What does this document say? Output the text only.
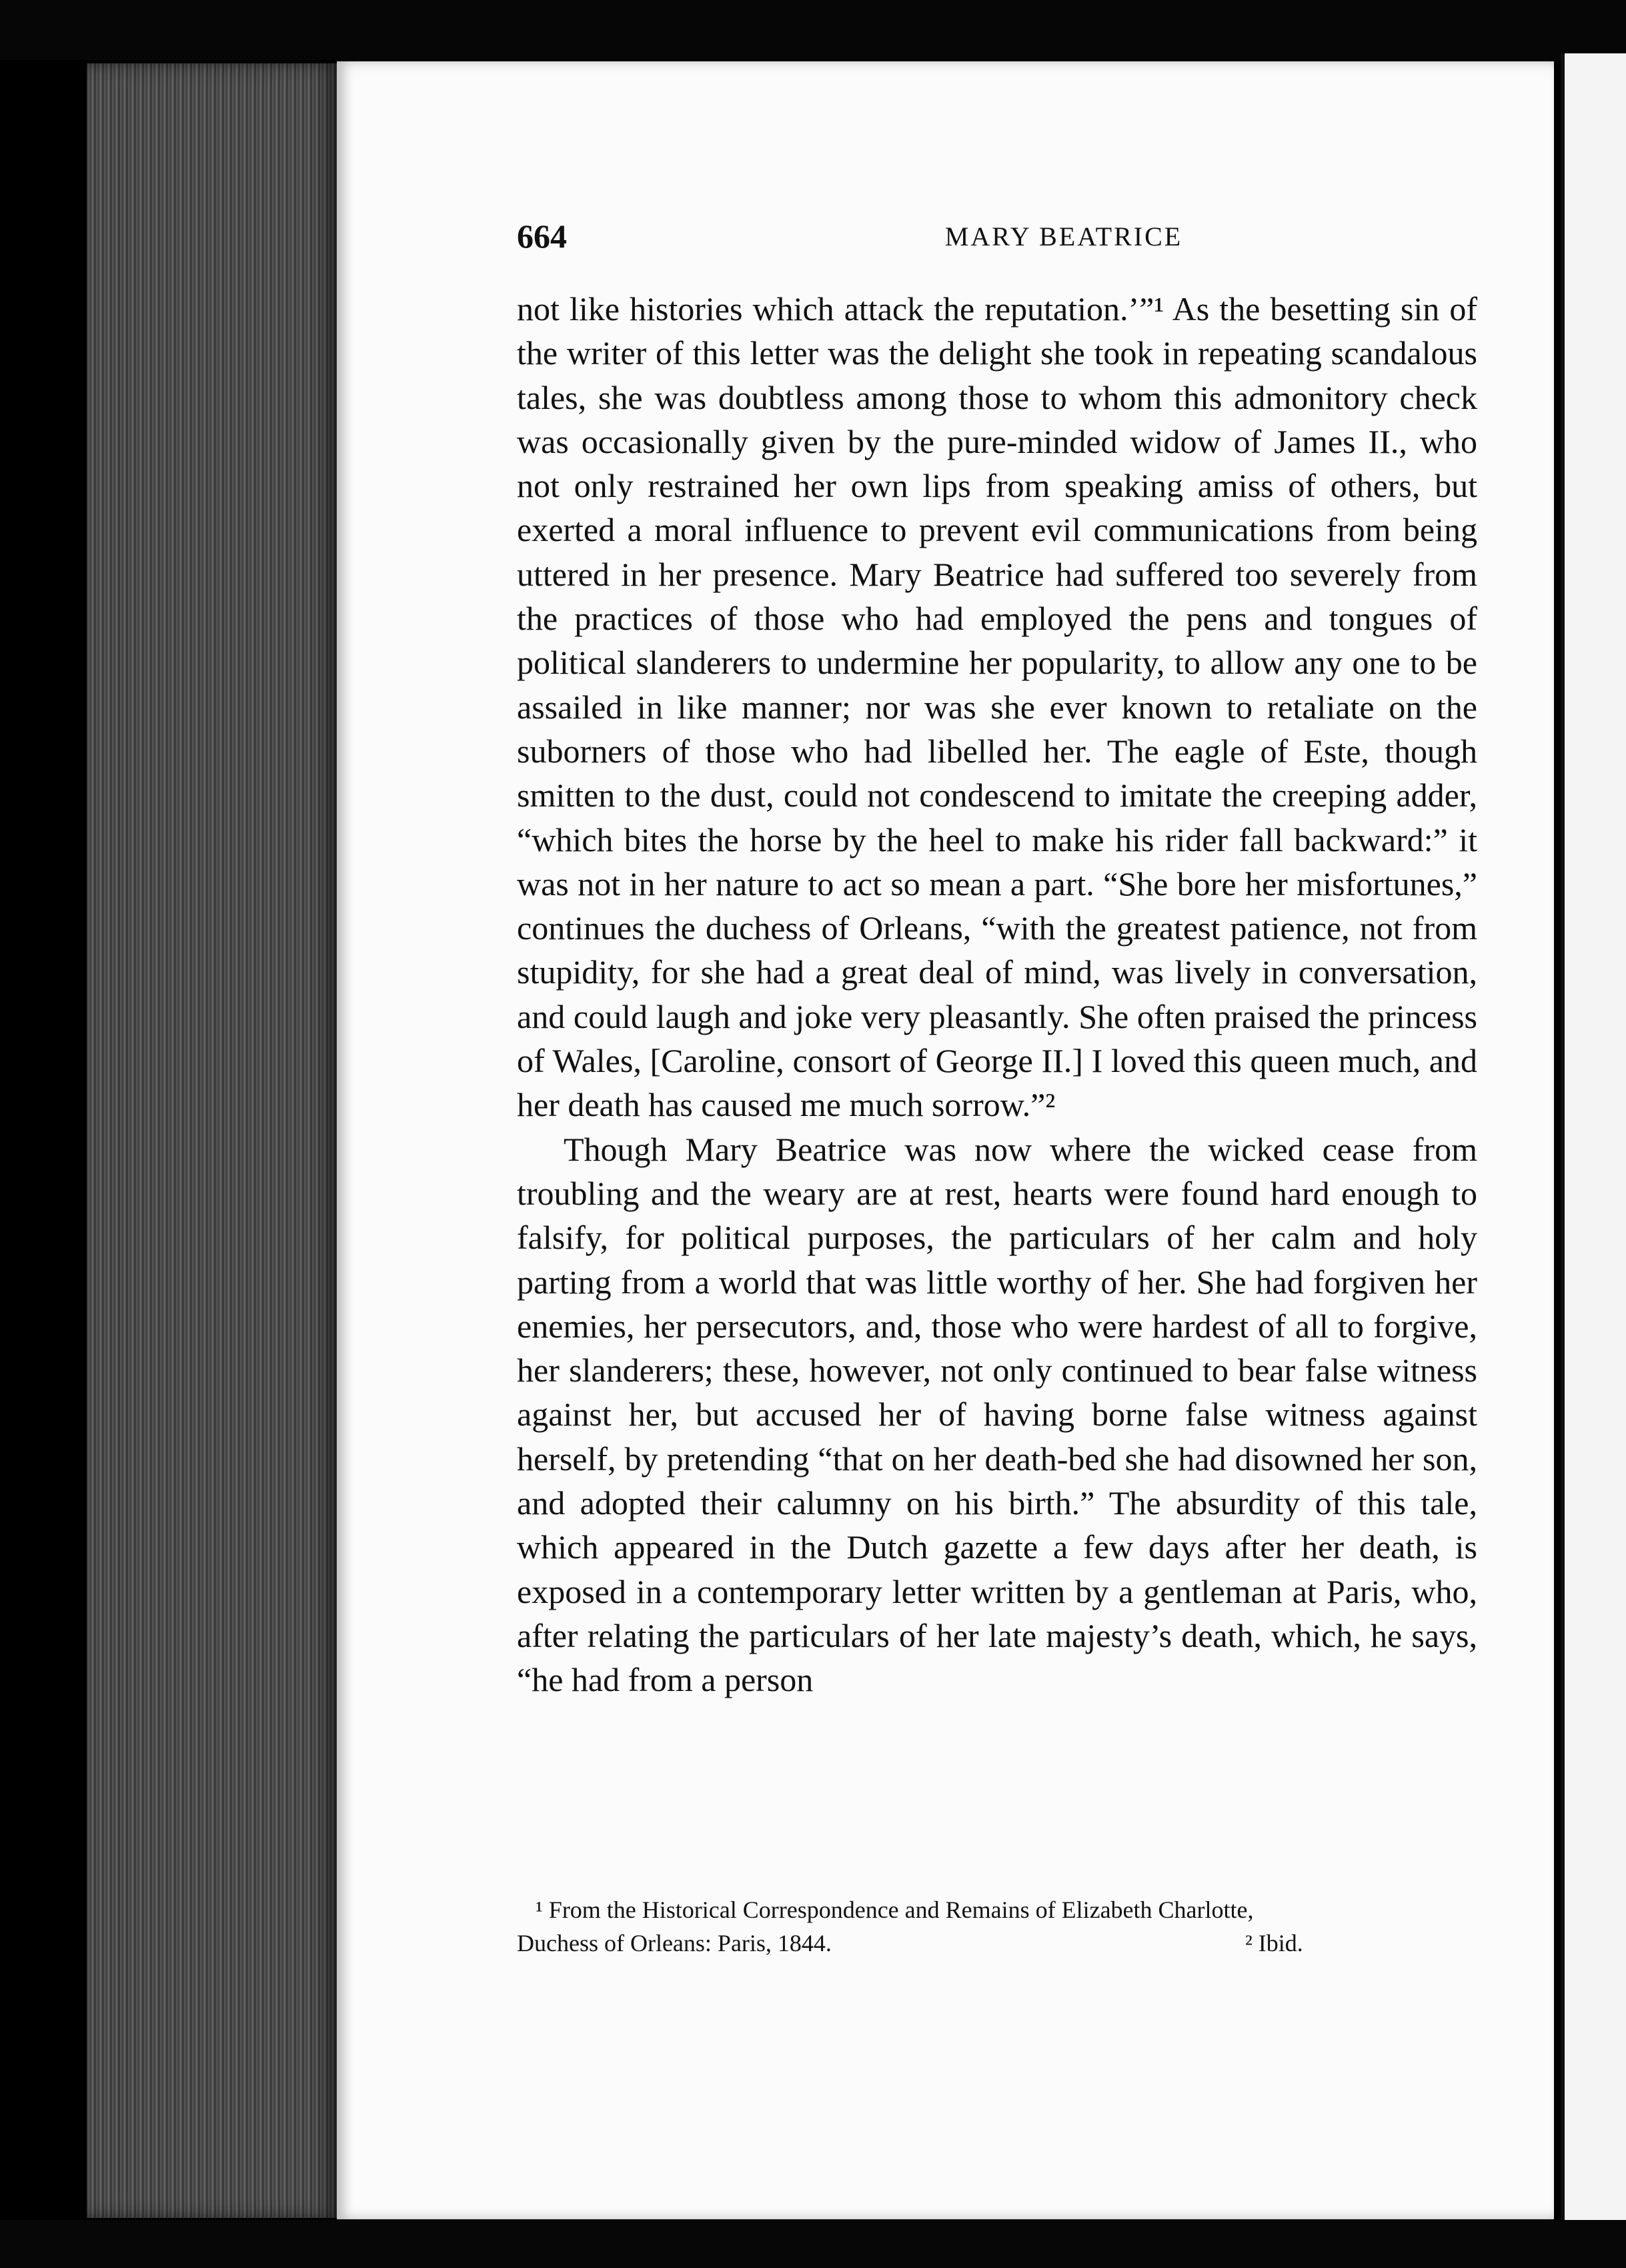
664	MARY BEATRICE

not like histories which attack the reputation.’”¹ As the besetting sin of the writer of this letter was the delight she took in repeating scandalous tales, she was doubtless among those to whom this admonitory check was occasionally given by the pure-minded widow of James II., who not only restrained her own lips from speaking amiss of others, but exerted a moral influence to prevent evil communications from being uttered in her presence. Mary Beatrice had suffered too severely from the practices of those who had employed the pens and tongues of political slanderers to undermine her popularity, to allow any one to be assailed in like manner; nor was she ever known to retaliate on the suborners of those who had libelled her. The eagle of Este, though smitten to the dust, could not condescend to imitate the creeping adder, “which bites the horse by the heel to make his rider fall backward:” it was not in her nature to act so mean a part. “She bore her misfortunes,” continues the duchess of Orleans, “with the greatest patience, not from stupidity, for she had a great deal of mind, was lively in conversation, and could laugh and joke very pleasantly. She often praised the princess of Wales, [Caroline, consort of George II.] I loved this queen much, and her death has caused me much sorrow.”²

Though Mary Beatrice was now where the wicked cease from troubling and the weary are at rest, hearts were found hard enough to falsify, for political purposes, the particulars of her calm and holy parting from a world that was little worthy of her. She had forgiven her enemies, her persecutors, and, those who were hardest of all to forgive, her slanderers; these, however, not only continued to bear false witness against her, but accused her of having borne false witness against herself, by pretending “that on her death-bed she had disowned her son, and adopted their calumny on his birth.” The absurdity of this tale, which appeared in the Dutch gazette a few days after her death, is exposed in a contemporary letter written by a gentleman at Paris, who, after relating the particulars of her late majesty’s death, which, he says, “he had from a person

¹ From the Historical Correspondence and Remains of Elizabeth Charlotte,
Duchess of Orleans: Paris, 1844.	² Ibid.
